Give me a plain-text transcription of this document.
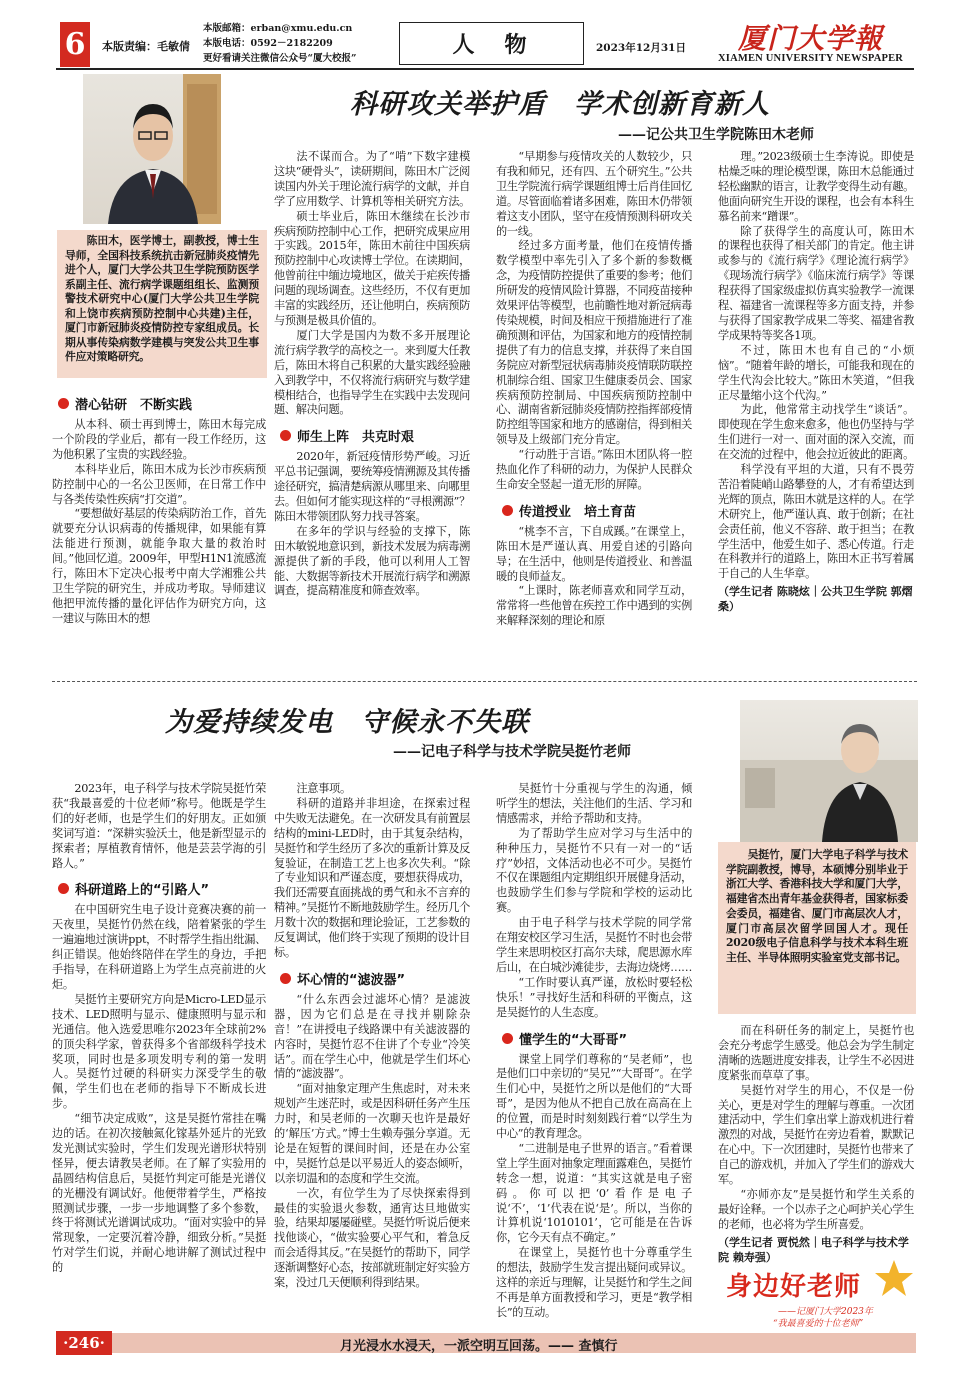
6	本版责编：毛敏倩
本版邮箱：erban@xmu.edu.cn
本版电话：0592－2182209
更好看请关注微信公众号“厦大校报”
人　物	2023年12月31日 厦门大学報
XIAMEN UNIVERSITY NEWSPAPER
科研攻关举护盾　学术创新育新人
——记公共卫生学院陈田木老师

陈田木，医学博士，副教授，博士生导师，全国科技系统抗击新冠肺炎疫情先进个人，厦门大学公共卫生学院预防医学系副主任、流行病学课题组组长、监测预警技术研究中心(厦门大学公共卫生学院和上饶市疾病预防控制中心共建)主任，厦门市新冠肺炎疫情防控专家组成员。长期从事传染病数学建模与突发公共卫生事件应对策略研究。

潜心钻研　不断实践

从本科、硕士再到博士，陈田木每完成一个阶段的学业后，都有一段工作经历，这为他积累了宝贵的实践经验。

本科毕业后，陈田木成为长沙市疾病预防控制中心的一名公卫医师，在日常工作中与各类传染性疾病“打交道”。

“要想做好基层的传染病防治工作，首先就要充分认识病毒的传播规律，如果能有算法能进行预测，就能争取大量的救治时间。”他回忆道。2009年，甲型H1N1流感流行，陈田木下定决心报考中南大学湘雅公共卫生学院的研究生，并成功考取。导师建议他把甲流传播的量化评估作为研究方向，这一建议与陈田木的想

法不谋而合。为了“啃”下数字建模这块“硬骨头”，读研期间，陈田木广泛阅读国内外关于理论流行病学的文献，并自学了应用数学、计算机等相关研究方法。

硕士毕业后，陈田木继续在长沙市疾病预防控制中心工作，把研究成果应用于实践。2015年，陈田木前往中国疾病预防控制中心攻读博士学位。在读期间，他曾前往中缅边境地区，做关于疟疾传播问题的现场调查。这些经历，不仅有更加丰富的实践经历，还让他明白，疾病预防与预测是极具价值的。

厦门大学是国内为数不多开展理论流行病学教学的高校之一。来到厦大任教后，陈田木将自己积累的大量实践经验融入到教学中，不仅将流行病研究与数学建模相结合，也指导学生在实践中去发现问题、解决问题。

师生上阵　共克时艰

2020年，新冠疫情形势严峻。习近平总书记强调，要统筹疫情溯源及其传播途径研究，搞清楚病源从哪里来、向哪里去。但如何才能实现这样的“寻根溯源”？陈田木带领团队努力找寻答案。

在多年的学识与经验的支撑下，陈田木敏锐地意识到，新技术发展为病毒溯源提供了新的手段，他可以利用人工智能、大数据等新技术开展流行病学和溯源调查，提高精准度和筛查效率。

“早期参与疫情攻关的人数较少，只有我和师兄，还有四、五个研究生。”公共卫生学院流行病学课题组博士后肖佳回忆道。尽管面临着诸多困难，陈田木仍带领着这支小团队，坚守在疫情预测科研攻关的一线。

经过多方面考量，他们在疫情传播数学模型中率先引入了多个新的参数概念，为疫情防控提供了重要的参考；他们所研发的疫情风险计算器，不同疫苗接种效果评估等模型，也前瞻性地对新冠病毒传染规模，时间及相应干预措施进行了准确预测和评估，为国家和地方的疫情控制提供了有力的信息支撑，并获得了来自国务院应对新型冠状病毒肺炎疫情联防联控机制综合组、国家卫生健康委员会、国家疾病预防控制局、中国疾病预防控制中心、湖南省新冠肺炎疫情防控指挥部疫情防控组等国家和地方的感谢信，得到相关领导及上级部门充分肯定。

“行动胜于言语。”陈田木团队将一腔热血化作了科研的动力，为保护人民群众生命安全竖起一道无形的屏障。

传道授业　培土育苗

“桃李不言，下自成蹊。”在课堂上，陈田木是严谨认真、用爱自述的引路向导；在生活中，他则是传道授业、和善温暖的良师益友。

“上课时，陈老师喜欢和同学互动，常常将一些他曾在疾控工作中遇到的实例来解释深刻的理论和原

理。”2023级硕士生李涛说。即使是枯燥乏味的理论模型课，陈田木总能通过轻松幽默的语言，让教学变得生动有趣。他面向研究生开设的课程，也会有本科生慕名前来“蹭课”。

除了获得学生的高度认可，陈田木的课程也获得了相关部门的肯定。他主讲或参与的《流行病学》《理论流行病学》《现场流行病学》《临床流行病学》等课程获得了国家级虚拟仿真实验教学一流课程、福建省一流课程等多方面支持，并参与获得了国家教学成果二等奖、福建省教学成果特等奖各1项。

不过，陈田木也有自己的“小烦恼”。“随着年龄的增长，可能我和现在的学生代沟会比较大。”陈田木笑道，“但我正尽量缩小这个代沟。”

为此，他常常主动找学生“谈话”。即使现在学生愈来愈多，他也仍坚持与学生们进行一对一、面对面的深入交流，而在交流的过程中，他会拉近彼此的距离。

科学没有平坦的大道，只有不畏劳苦沿着陡峭山路攀登的人，才有希望达到光辉的顶点，陈田木就是这样的人。在学术研究上，他严谨认真、敢于创新；在社会责任前，他义不容辞、敢于担当；在教学生活中，他爱生如子、悉心传道。行走在科教并行的道路上，陈田木正书写着属于自己的人生华章。

（学生记者 陈晓炫｜公共卫生学院 郭熠桑）
为爱持续发电　守候永不失联
——记电子科学与技术学院吴挺竹老师

吴挺竹，厦门大学电子科学与技术学院副教授，博导，本硕博分别毕业于浙江大学、香港科技大学和厦门大学，福建省杰出青年基金获得者，国家标委会委员，福建省、厦门市高层次人才，厦门市高层次留学回国人才。现任2020级电子信息科学与技术本科生班主任、半导体照明实验室党支部书记。

2023年，电子科学与技术学院吴挺竹荣获“我最喜爱的十位老师”称号。他既是学生们的好老师，也是学生们的好朋友。正如颁奖词写道：“深耕实验沃土，他是新型显示的探索者；厚植教育情怀，他是芸芸学海的引路人。”

科研道路上的“引路人”

在中国研究生电子设计竞赛决赛的前一天夜里，吴挺竹仍然在线，陪着紧张的学生一遍遍地过演讲ppt，不时帮学生指出纰漏、纠正错误。他始终陪伴在学生的身边，手把手指导，在科研道路上为学生点亮前进的火炬。

吴挺竹主要研究方向是Micro-LED显示技术、LED照明与显示、健康照明与显示和光通信。他入选爱思唯尔2023年全球前2%的顶尖科学家，曾获得多个省部级科学技术奖项，同时也是多项发明专利的第一发明人。吴挺竹过硬的科研实力深受学生的敬佩，学生们也在老师的指导下不断成长进步。

“细节决定成败”，这是吴挺竹常挂在嘴边的话。在初次接触氮化镓基外延片的光致发光测试实验时，学生们发现光谱形状特别怪异，便去请教吴老师。在了解了实验用的晶圆结构信息后，吴挺竹判定可能是光谱仪的光栅没有调试好。他便带着学生，严格按照测试步骤，一步一步地调整了多个参数，终于将测试光谱调试成功。“面对实验中的异常现象，一定要沉着冷静，细致分析。”吴挺竹对学生们说，并耐心地讲解了测试过程中的

注意事项。

科研的道路并非坦途，在探索过程中失败无法避免。在一次研发具有前置层结构的mini-LED时，由于其复杂结构，吴挺竹和学生经历了多次的重新计算及反复验证，在制造工艺上也多次失利。“除了专业知识和严谨态度，要想获得成功，我们还需要直面挑战的勇气和永不言弃的精神。”吴挺竹不断地鼓励学生。经历几个月数十次的数据和理论验证，工艺参数的反复调试，他们终于实现了预期的设计目标。

坏心情的“滤波器”

“什么东西会过滤坏心情？是滤波器，因为它们总是在寻找并剔除杂音！”在讲授电子线路课中有关滤波器的内容时，吴挺竹忍不住讲了个专业“冷笑话”。而在学生心中，他就是学生们坏心情的“滤波器”。

“面对抽象定理产生焦虑时，对未来规划产生迷茫时，或是因科研任务产生压力时，和吴老师的一次聊天也许是最好的‘解压’方式。”博士生赖寿强分享道。无论是在短暂的课间时间，还是在办公室中，吴挺竹总是以平易近人的姿态倾听，以亲切温和的态度和学生交流。

一次，有位学生为了尽快探索得到最佳的实验退火参数，通宵达旦地做实验，结果却屡屡碰壁。吴挺竹听说后便来找他谈心，“做实验要心平气和，着急反而会适得其反。”在吴挺竹的帮助下，同学逐渐调整好心态，按部就班制定好实验方案，没过几天便顺利得到结果。

吴挺竹十分重视与学生的沟通，倾听学生的想法，关注他们的生活、学习和情感需求，并给予帮助和支持。

为了帮助学生应对学习与生活中的种种压力，吴挺竹不只有一对一的“话疗”妙招，文体活动也必不可少。吴挺竹不仅在课题组内定期组织开展健身活动，也鼓励学生们参与学院和学校的运动比赛。

由于电子科学与技术学院的同学常在翔安校区学习生活，吴挺竹不时也会带学生来思明校区打高尔夫球，爬思源水库后山，在白城沙滩徒步，去海边烧烤……

“工作时要认真严谨，放松时要轻松快乐！”寻找好生活和科研的平衡点，这是吴挺竹的人生态度。

懂学生的“大哥哥”

课堂上同学们尊称的“吴老师”，也是他们口中亲切的“吴兄”“大哥哥”。在学生们心中，吴挺竹之所以是他们的“大哥哥”，是因为他从不把自己放在高高在上的位置，而是时时刻刻践行着“以学生为中心”的教育理念。

“二进制是电子世界的语言。”看着课堂上学生面对抽象定理面露难色，吴挺竹转念一想，说道：“其实这就是电子密码。你可以把‘0’看作是电子说‘不’，‘1’代表在说‘是’。所以，当你的计算机说‘1010101’，它可能是在告诉你，它今天有点不确定。”

在课堂上，吴挺竹也十分尊重学生的想法，鼓励学生发言提出疑问或异议。这样的亲近与理解，让吴挺竹和学生之间不再是单方面教授和学习，更是“教学相长”的互动。

而在科研任务的制定上，吴挺竹也会充分考虑学生感受。他总会为学生制定清晰的选题进度安排表，让学生不必因进度紧张而草草了事。

吴挺竹对学生的用心，不仅是一份关心，更是对学生的理解与尊重。一次团建活动中，学生们拿出掌上游戏机进行着激烈的对战，吴挺竹在旁边看着，默默记在心中。下一次团建时，吴挺竹也带来了自己的游戏机，并加入了学生们的游戏大军。

“亦师亦友”是吴挺竹和学生关系的最好诠释。一个以赤子之心呵护关心学生的老师，也必将为学生所喜爱。

（学生记者 贾悦然｜电子科学与技术学院 赖寿强）
身边好老师
——记厦门大学2023年
“我最喜爱的十位老师”
·246·	月光浸水水浸天，一派空明互回荡。—— 查慎行
